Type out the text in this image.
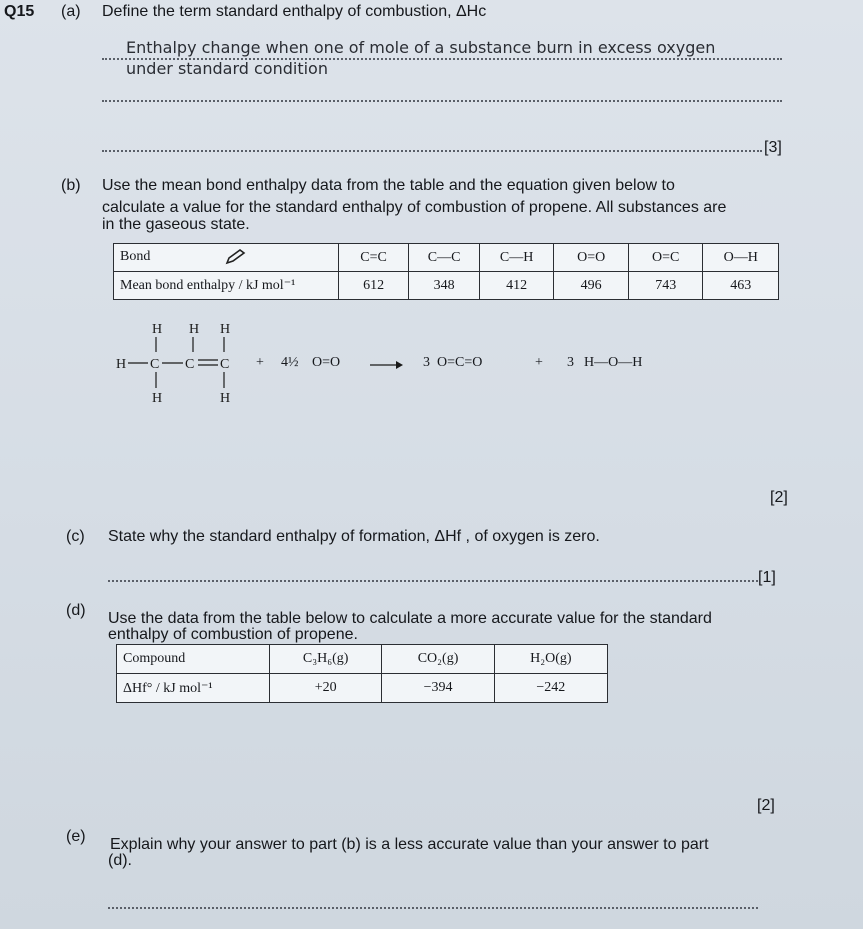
Q15 (a) Define the term standard enthalpy of combustion, ΔHc
Enthalpy change when one of mole of a substance burn in excess oxygen
under standard condition
[3]
(b) Use the mean bond enthalpy data from the table and the equation given below to
calculate a value for the standard enthalpy of combustion of propene. All substances are
in the gaseous state.
Bond	C=C	C—C	C—H	O=O	O=C	O—H
Mean bond enthalpy / kJ mol⁻¹	612	348	412	496	743	463
H H H
H C C C
H	H
+ 4½ O=O → 3 O=C=O	+ 3 H—O—H
[2]
(c) State why the standard enthalpy of formation, ΔHf , of oxygen is zero.
[1]
(d) Use the data from the table below to calculate a more accurate value for the standard
enthalpy of combustion of propene.
Compound	C₃H₆(g)	CO₂(g)	H₂O(g)
ΔHf° / kJ mol⁻¹	+20	−394	−242
[2]
(e) Explain why your answer to part (b) is a less accurate value than your answer to part
(d).
